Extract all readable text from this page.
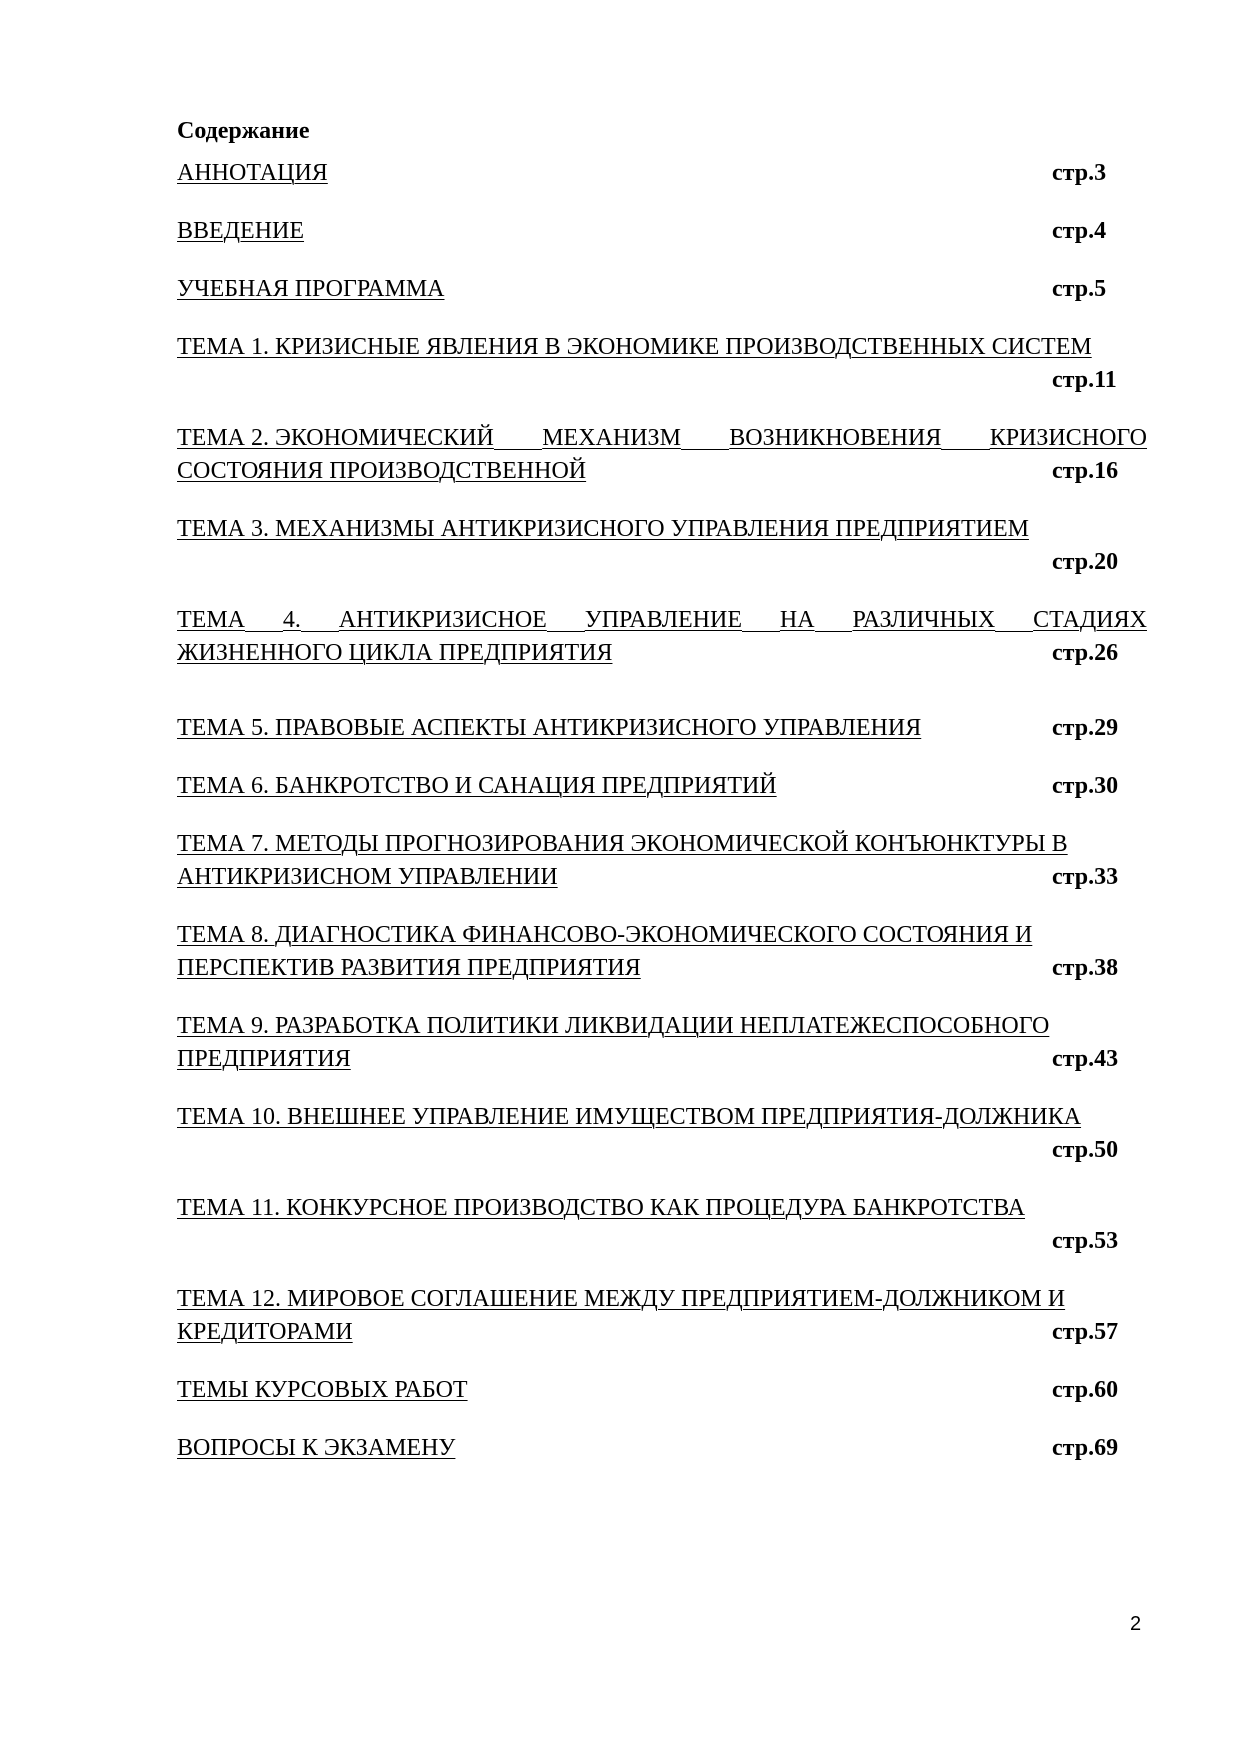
Содержание
АННОТАЦИЯ	стр.3
ВВЕДЕНИЕ	стр.4
УЧЕБНАЯ ПРОГРАММА	стр.5
ТЕМА 1. КРИЗИСНЫЕ ЯВЛЕНИЯ В ЭКОНОМИКЕ ПРОИЗВОДСТВЕННЫХ СИСТЕМ
стр.11
ТЕМА 2. ЭКОНОМИЧЕСКИЙ МЕХАНИЗМ ВОЗНИКНОВЕНИЯ КРИЗИСНОГО
СОСТОЯНИЯ ПРОИЗВОДСТВЕННОЙ	стр.16
ТЕМА 3. МЕХАНИЗМЫ АНТИКРИЗИСНОГО УПРАВЛЕНИЯ ПРЕДПРИЯТИЕМ
стр.20
ТЕМА 4. АНТИКРИЗИСНОЕ УПРАВЛЕНИЕ НА РАЗЛИЧНЫХ СТАДИЯХ
ЖИЗНЕННОГО ЦИКЛА ПРЕДПРИЯТИЯ	стр.26
ТЕМА 5. ПРАВОВЫЕ АСПЕКТЫ АНТИКРИЗИСНОГО УПРАВЛЕНИЯ	стр.29
ТЕМА 6. БАНКРОТСТВО И САНАЦИЯ ПРЕДПРИЯТИЙ	стр.30
ТЕМА 7. МЕТОДЫ ПРОГНОЗИРОВАНИЯ ЭКОНОМИЧЕСКОЙ КОНЪЮНКТУРЫ В
АНТИКРИЗИСНОМ УПРАВЛЕНИИ	стр.33
ТЕМА 8. ДИАГНОСТИКА ФИНАНСОВО-ЭКОНОМИЧЕСКОГО СОСТОЯНИЯ И
ПЕРСПЕКТИВ РАЗВИТИЯ ПРЕДПРИЯТИЯ	стр.38
ТЕМА 9. РАЗРАБОТКА ПОЛИТИКИ ЛИКВИДАЦИИ НЕПЛАТЕЖЕСПОСОБНОГО
ПРЕДПРИЯТИЯ	стр.43
ТЕМА 10. ВНЕШНЕЕ УПРАВЛЕНИЕ ИМУЩЕСТВОМ ПРЕДПРИЯТИЯ-ДОЛЖНИКА
стр.50
ТЕМА 11. КОНКУРСНОЕ ПРОИЗВОДСТВО КАК ПРОЦЕДУРА БАНКРОТСТВА
стр.53
ТЕМА 12. МИРОВОЕ СОГЛАШЕНИЕ МЕЖДУ ПРЕДПРИЯТИЕМ-ДОЛЖНИКОМ И
КРЕДИТОРАМИ	стр.57
ТЕМЫ КУРСОВЫХ РАБОТ	стр.60
ВОПРОСЫ К ЭКЗАМЕНУ	стр.69
2
